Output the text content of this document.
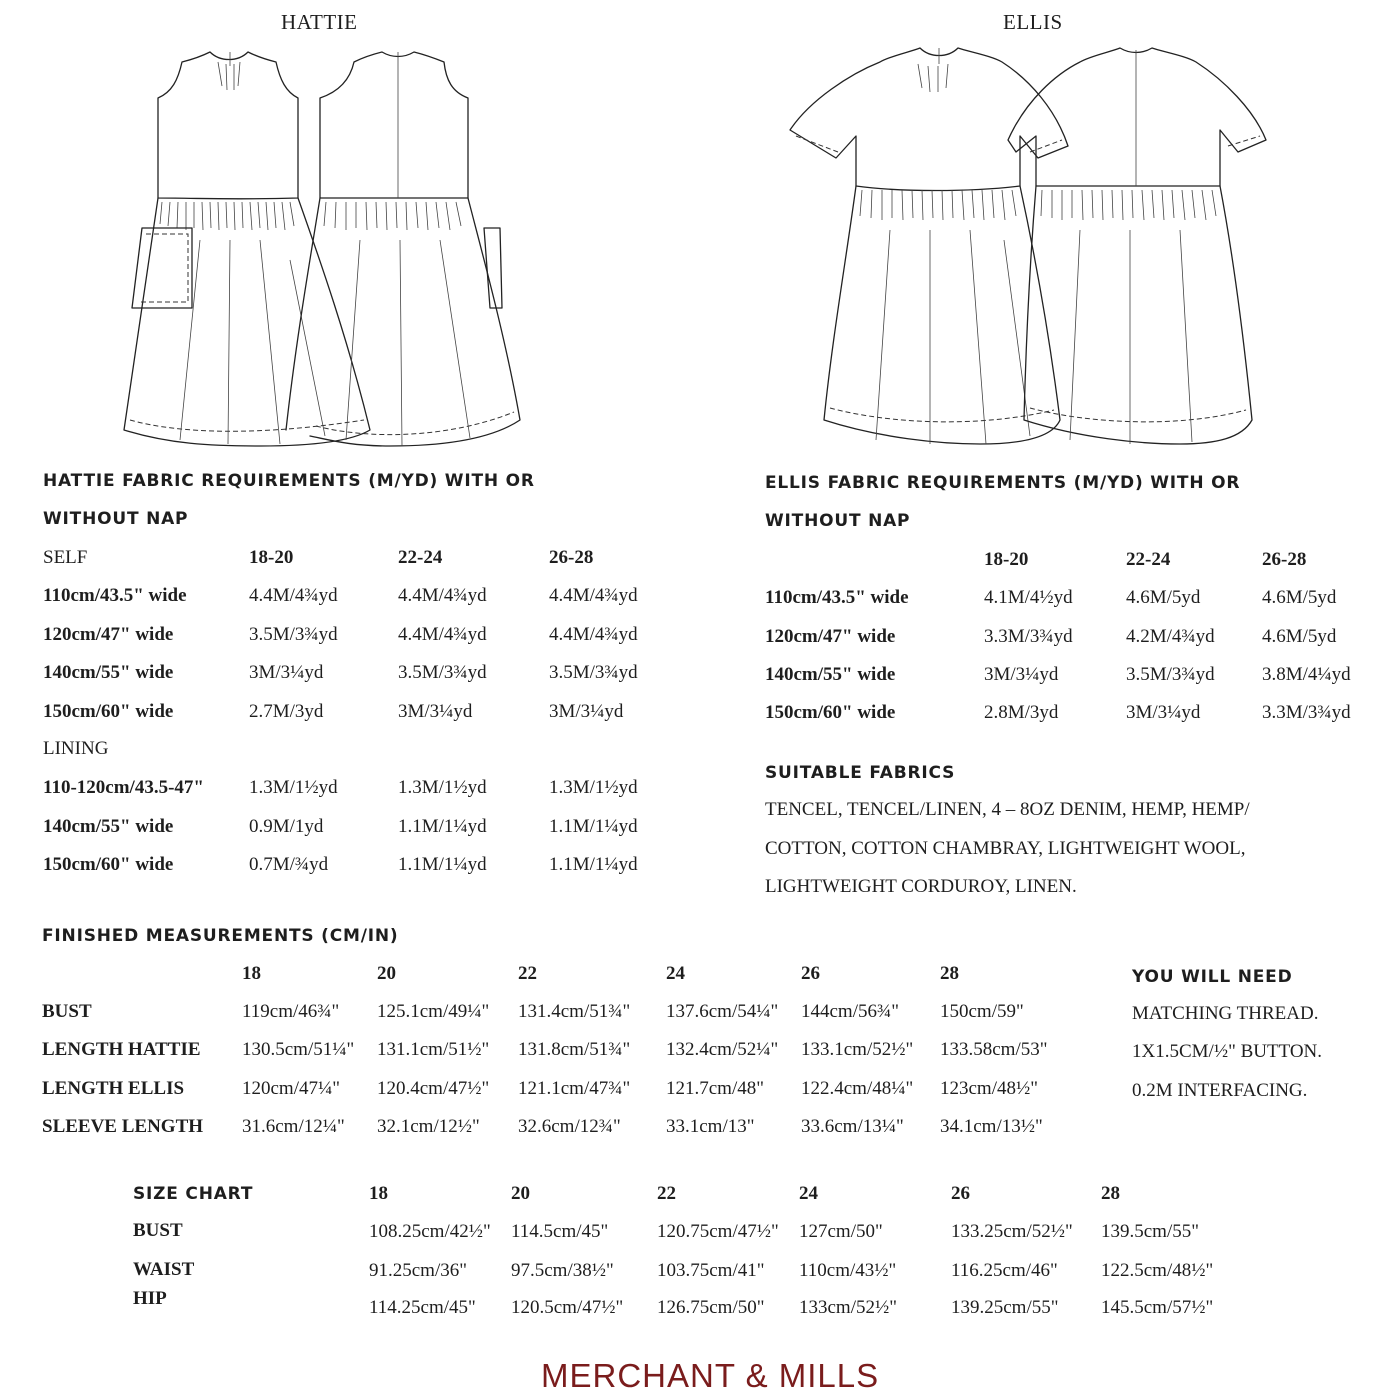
HATTIE	ELLIS
HATTIE FABRIC REQUIREMENTS (M/YD) WITH OR
WITHOUT NAP
SELF	18-20	22-24	26-28
110cm/43.5" wide	4.4M/4¾yd	4.4M/4¾yd	4.4M/4¾yd
120cm/47" wide	3.5M/3¾yd	4.4M/4¾yd	4.4M/4¾yd
140cm/55" wide	3M/3¼yd	3.5M/3¾yd	3.5M/3¾yd
150cm/60" wide	2.7M/3yd	3M/3¼yd	3M/3¼yd
LINING
110-120cm/43.5-47" 1.3M/1½yd	1.3M/1½yd	1.3M/1½yd
140cm/55" wide	0.9M/1yd	1.1M/1¼yd	1.1M/1¼yd
150cm/60" wide	0.7M/¾yd	1.1M/1¼yd	1.1M/1¼yd
ELLIS FABRIC REQUIREMENTS (M/YD) WITH OR
WITHOUT NAP
18-20	22-24	26-28
110cm/43.5" wide	4.1M/4½yd	4.6M/5yd	4.6M/5yd
120cm/47" wide	3.3M/3¾yd	4.2M/4¾yd 4.6M/5yd
140cm/55" wide	3M/3¼yd	3.5M/3¾yd 3.8M/4¼yd
150cm/60" wide	2.8M/3yd	3M/3¼yd	3.3M/3¾yd
SUITABLE FABRICS
TENCEL, TENCEL/LINEN, 4 – 8OZ DENIM, HEMP, HEMP/ COTTON, COTTON CHAMBRAY, LIGHTWEIGHT WOOL, LIGHTWEIGHT CORDUROY, LINEN.
FINISHED MEASUREMENTS (CM/IN)
18	20	22	24	26	28
BUST	119cm/46¾" 125.1cm/49¼" 131.4cm/51¾" 137.6cm/54¼" 144cm/56¾" 150cm/59"
LENGTH HATTIE 130.5cm/51¼" 131.1cm/51½" 131.8cm/51¾" 132.4cm/52¼" 133.1cm/52½" 133.58cm/53"
LENGTH ELLIS	120cm/47¼" 120.4cm/47½" 121.1cm/47¾" 121.7cm/48" 122.4cm/48¼" 123cm/48½"
SLEEVE LENGTH 31.6cm/12¼" 32.1cm/12½" 32.6cm/12¾" 33.1cm/13" 33.6cm/13¼" 34.1cm/13½"
YOU WILL NEED
MATCHING THREAD.
1X1.5CM/½" BUTTON.
0.2M INTERFACING.
SIZE CHART	18	20	22	24	26	28
BUST	108.25cm/42½" 114.5cm/45"	120.75cm/47½" 127cm/50"	133.25cm/52½" 139.5cm/55"
WAIST	91.25cm/36" 97.5cm/38½" 103.75cm/41" 110cm/43½"	116.25cm/46" 122.5cm/48½"
HIP	114.25cm/45" 120.5cm/47½" 126.75cm/50" 133cm/52½"	139.25cm/55" 145.5cm/57½"
MERCHANT & MILLS
